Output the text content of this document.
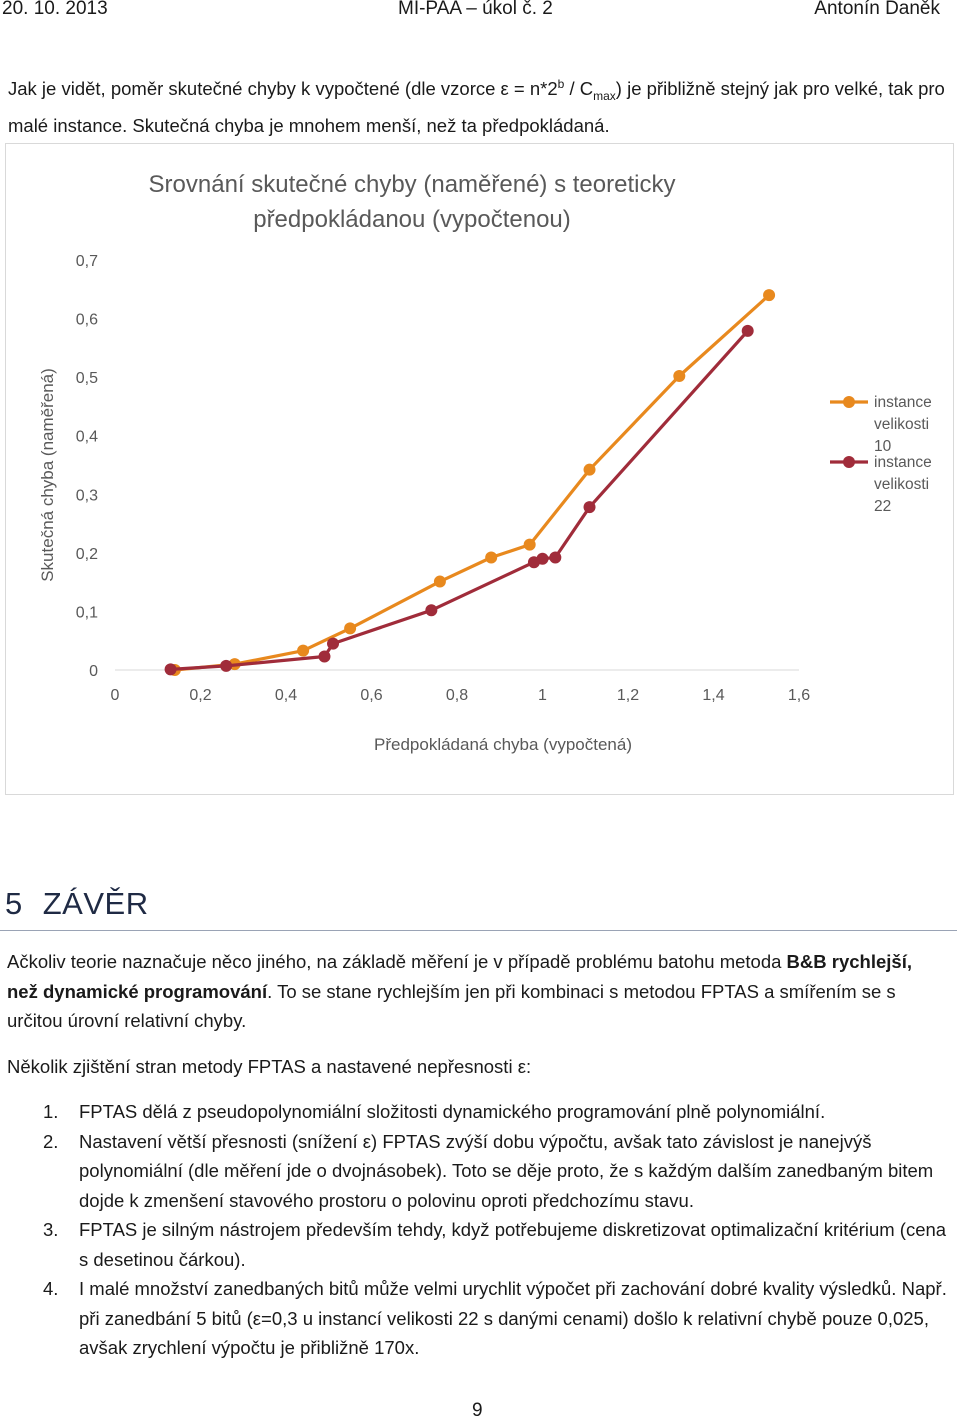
20. 10. 2013	MI-PAA – úkol č. 2	Antonín Daněk
Jak je vidět, poměr skutečné chyby k vypočtené (dle vzorce $\varepsilon = n*2^b / C_{max}$) je přibližně stejný jak pro velké, tak pro malé instance. Skutečná chyba je mnohem menší, než ta předpokládaná.
Srovnání skutečné chyby (naměřené) s teoreticky
předpokládanou (vypočtenou)
0
0,1
0,2
0,3
0,4
0,5
0,6
0,7
0	0,2	0,4	0,6	0,8	1	1,2	1,4	1,6
Předpokládaná chyba (vypočtená)
Skutečná chyba (naměřená)	instance
velikosti
10
instance
velikosti
22
5 ZÁVĚR
Ačkoliv teorie naznačuje něco jiného, na základě měření je v případě problému batohu metoda B&B rychlejší, než dynamické programování. To se stane rychlejším jen při kombinaci s metodou FPTAS a smířením se s určitou úrovní relativní chyby.
Několik zjištění stran metody FPTAS a nastavené nepřesnosti ε:
1. FPTAS dělá z pseudopolynomiální složitosti dynamického programování plně polynomiální.
2. Nastavení větší přesnosti (snížení ε) FPTAS zvýší dobu výpočtu, avšak tato závislost je nanejvýš polynomiální (dle měření jde o dvojnásobek). Toto se děje proto, že s každým dalším zanedbaným bitem dojde k zmenšení stavového prostoru o polovinu oproti předchozímu stavu.
3. FPTAS je silným nástrojem především tehdy, když potřebujeme diskretizovat optimalizační kritérium (cena s desetinou čárkou).
4. I malé množství zanedbaných bitů může velmi urychlit výpočet při zachování dobré kvality výsledků. Např. při zanedbání 5 bitů (ε=0,3 u instancí velikosti 22 s danými cenami) došlo k relativní chybě pouze 0,025, avšak zrychlení výpočtu je přibližně 170x.
9
